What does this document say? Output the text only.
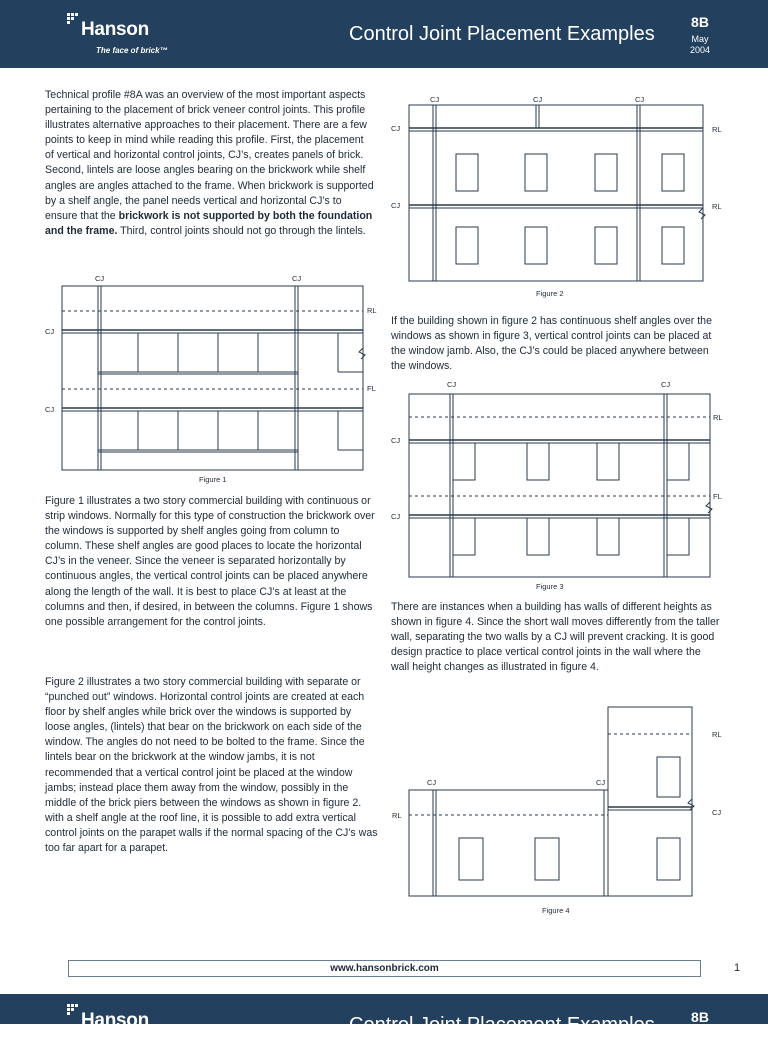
Hanson
The face of brick™
Control Joint Placement Examples
8B
May
2004

Technical profile #8A was an overview of the most important aspects pertaining to the placement of brick veneer control joints. This profile illustrates alternative approaches to their placement. There are a few points to keep in mind while reading this profile. First, the placement of vertical and horizontal control joints, CJ’s, creates panels of brick. Second, lintels are loose angles bearing on the brickwork while shelf angles are angles attached to the frame. When brickwork is supported by a shelf angle, the panel needs vertical and horizontal CJ’s to ensure that the brickwork is not supported by both the foundation and the frame. Third, control joints should not go through the lintels.

CJ	CJ
CJ
CJ
RL
FL
Figure 1

Figure 1 illustrates a two story commercial building with continuous or strip windows. Normally for this type of construction the brickwork over the windows is supported by shelf angles going from column to column. These shelf angles are good places to locate the horizontal CJ’s in the veneer. Since the veneer is separated horizontally by continuous angles, the vertical control joints can be placed anywhere along the length of the wall. It is best to place CJ’s at least at the columns and then, if desired, in between the columns. Figure 1 shows one possible arrangement for the control joints.

Figure 2 illustrates a two story commercial building with separate or “punched out” windows. Horizontal control joints are created at each floor by shelf angles while brick over the windows is supported by loose angles, (lintels) that bear on the brickwork on each side of the window. The angles do not need to be bolted to the frame. Since the lintels bear on the brickwork at the window jambs, it is not recommended that a vertical control joint be placed at the window jambs; instead place them away from the window, possibly in the middle of the brick piers between the windows as shown in figure 2. with a shelf angle at the roof line, it is possible to add extra vertical control joints on the parapet walls if the normal spacing of the CJ’s was too far apart for a parapet.

CJ	CJ	CJ
CJ
CJ
RL
RL
Figure 2

If the building shown in figure 2 has continuous shelf angles over the windows as shown in figure 3, vertical control joints can be placed at the window jamb. Also, the CJ’s could be placed anywhere between the windows.

CJ	CJ
CJ
CJ
RL
FL
Figure 3

There are instances when a building has walls of different heights as shown in figure 4. Since the short wall moves differently from the taller wall, separating the two walls by a CJ will prevent cracking. It is good design practice to place vertical control joints in the wall where the wall height changes as illustrated in figure 4.

CJ	CJ
CJ
RL
RL
Figure 4
www.hansonbrick.com	1
Hanson	Control Joint Placement Examples	8B
